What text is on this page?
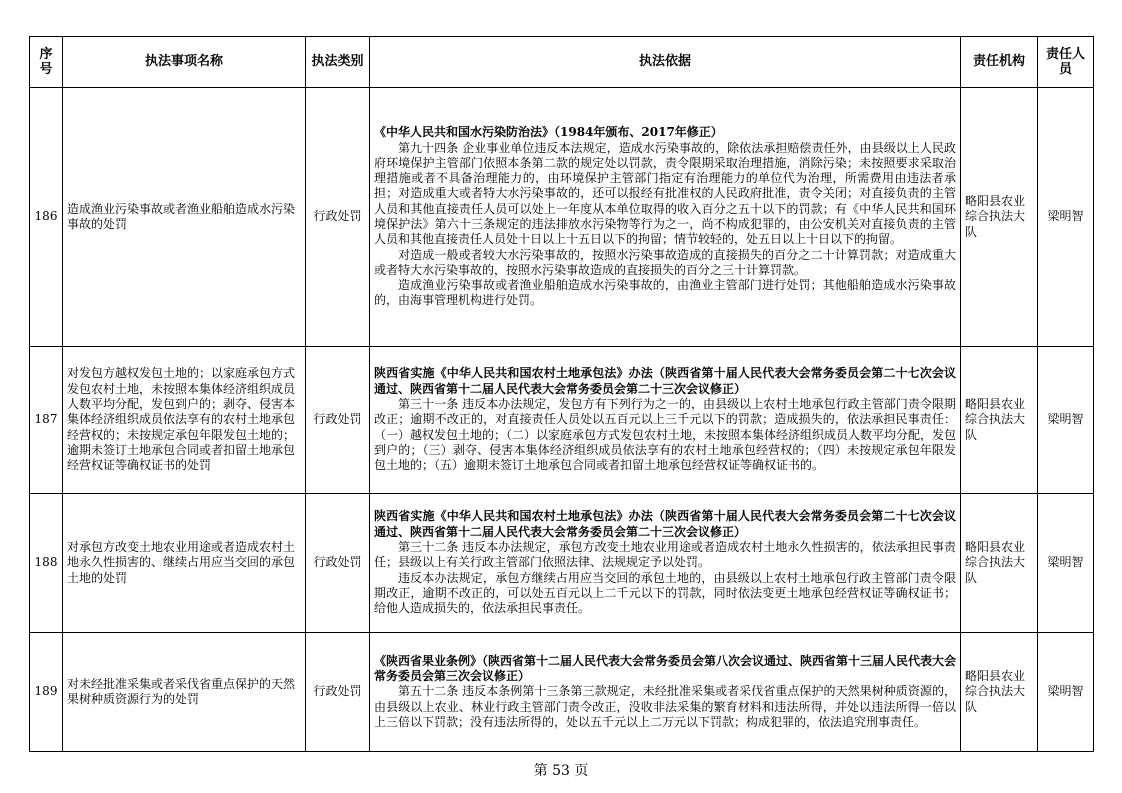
序号	执法事项名称	执法类别	执法依据	责任机构	责任人员
186	造成渔业污染事故或者渔业船舶造成水污染事故的处罚	行政处罚	《中华人民共和国水污染防治法》（1984年颁布、2017年修正）
第九十四条 企业事业单位违反本法规定，造成水污染事故的，除依法承担赔偿责任外，由县级以上人民政府环境保护主管部门依照本条第二款的规定处以罚款，责令限期采取治理措施，消除污染；未按照要求采取治理措施或者不具备治理能力的，由环境保护主管部门指定有治理能力的单位代为治理，所需费用由违法者承担；对造成重大或者特大水污染事故的，还可以报经有批准权的人民政府批准，责令关闭；对直接负责的主管人员和其他直接责任人员可以处上一年度从本单位取得的收入百分之五十以下的罚款；有《中华人民共和国环境保护法》第六十三条规定的违法排放水污染物等行为之一，尚不构成犯罪的，由公安机关对直接负责的主管人员和其他直接责任人员处十日以上十五日以下的拘留；情节较轻的，处五日以上十日以下的拘留。
对造成一般或者较大水污染事故的，按照水污染事故造成的直接损失的百分之二十计算罚款；对造成重大或者特大水污染事故的，按照水污染事故造成的直接损失的百分之三十计算罚款。
造成渔业污染事故或者渔业船舶造成水污染事故的，由渔业主管部门进行处罚；其他船舶造成水污染事故的，由海事管理机构进行处罚。	略阳县农业综合执法大队	梁明智
187	对发包方越权发包土地的；以家庭承包方式发包农村土地，未按照本集体经济组织成员人数平均分配，发包到户的；剥夺、侵害本集体经济组织成员依法享有的农村土地承包经营权的；未按规定承包年限发包土地的；逾期未签订土地承包合同或者扣留土地承包经营权证等确权证书的处罚	行政处罚	陕西省实施《中华人民共和国农村土地承包法》办法（陕西省第十届人民代表大会常务委员会第二十七次会议通过、陕西省第十二届人民代表大会常务委员会第二十三次会议修正）
第三十一条 违反本办法规定，发包方有下列行为之一的，由县级以上农村土地承包行政主管部门责令限期改正；逾期不改正的，对直接责任人员处以五百元以上三千元以下的罚款；造成损失的，依法承担民事责任：（一）越权发包土地的；（二）以家庭承包方式发包农村土地，未按照本集体经济组织成员人数平均分配，发包到户的；（三）剥夺、侵害本集体经济组织成员依法享有的农村土地承包经营权的；（四）未按规定承包年限发包土地的；（五）逾期未签订土地承包合同或者扣留土地承包经营权证等确权证书的。	略阳县农业综合执法大队	梁明智
188	对承包方改变土地农业用途或者造成农村土地永久性损害的、继续占用应当交回的承包土地的处罚	行政处罚	陕西省实施《中华人民共和国农村土地承包法》办法（陕西省第十届人民代表大会常务委员会第二十七次会议通过、陕西省第十二届人民代表大会常务委员会第二十三次会议修正）
第三十二条 违反本办法规定，承包方改变土地农业用途或者造成农村土地永久性损害的，依法承担民事责任；县级以上有关行政主管部门依照法律、法规规定予以处罚。
违反本办法规定，承包方继续占用应当交回的承包土地的，由县级以上农村土地承包行政主管部门责令限期改正，逾期不改正的，可以处五百元以上二千元以下的罚款，同时依法变更土地承包经营权证等确权证书；给他人造成损失的，依法承担民事责任。	略阳县农业综合执法大队	梁明智
189	对未经批准采集或者采伐省重点保护的天然果树种质资源行为的处罚	行政处罚	《陕西省果业条例》（陕西省第十二届人民代表大会常务委员会第八次会议通过、陕西省第十三届人民代表大会常务委员会第三次会议修正）
第五十二条 违反本条例第十三条第三款规定，未经批准采集或者采伐省重点保护的天然果树种质资源的，由县级以上农业、林业行政主管部门责令改正，没收非法采集的繁育材料和违法所得，并处以违法所得一倍以上三倍以下罚款；没有违法所得的，处以五千元以上二万元以下罚款；构成犯罪的，依法追究刑事责任。	略阳县农业综合执法大队	梁明智
第 53 页
